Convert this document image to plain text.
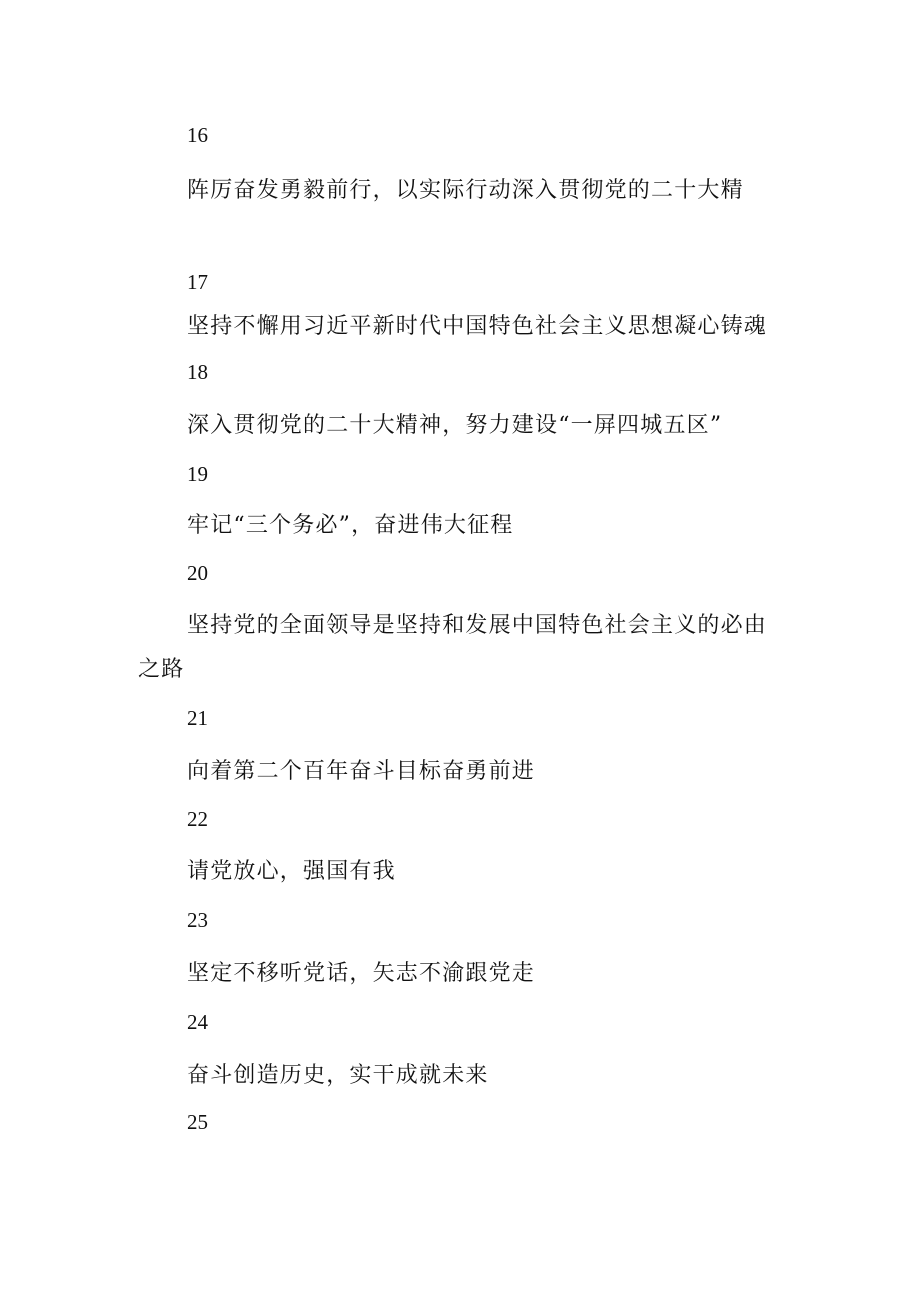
16
阵厉奋发勇毅前行，以实际行动深入贯彻党的二十大精
17
坚持不懈用习近平新时代中国特色社会主义思想凝心铸魂
18
深入贯彻党的二十大精神，努力建设“一屏四城五区”
19
牢记“三个务必”，奋进伟大征程
20
坚持党的全面领导是坚持和发展中国特色社会主义的必由之路
21
向着第二个百年奋斗目标奋勇前进
22
请党放心，强国有我
23
坚定不移听党话，矢志不渝跟党走
24
奋斗创造历史，实干成就未来
25
